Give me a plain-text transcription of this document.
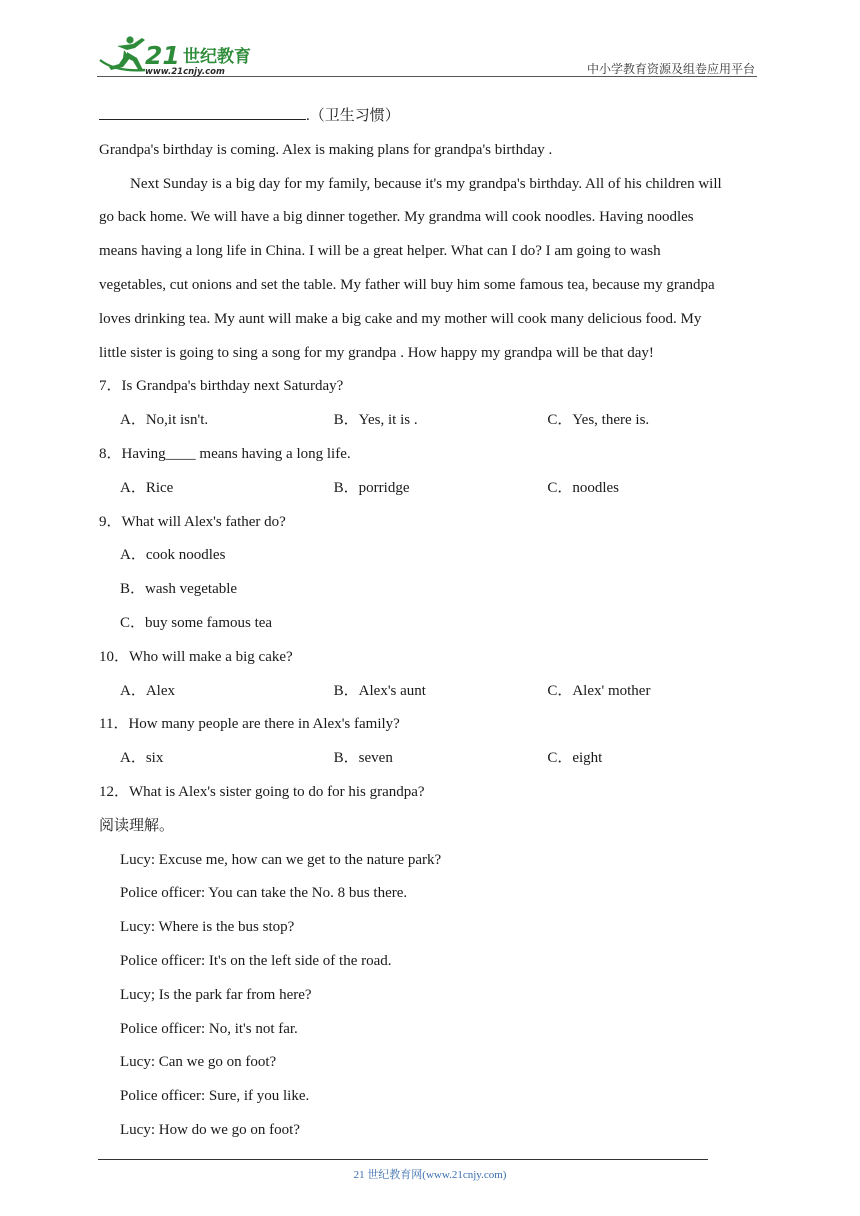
21 世纪教育
www.21cnjy.com	中小学教育资源及组卷应用平台
.（卫生习惯）
Grandpa's birthday is coming. Alex is making plans for grandpa's birthday .
Next Sunday is a big day for my family, because it's my grandpa's birthday. All of his children will
go back home. We will have a big dinner together. My grandma will cook noodles. Having noodles
means having a long life in China. I will be a great helper. What can I do? I am going to wash
vegetables, cut onions and set the table. My father will buy him some famous tea, because my grandpa
loves drinking tea. My aunt will make a big cake and my mother will cook many delicious food. My
little sister is going to sing a song for my grandpa . How happy my grandpa will be that day!
7．Is Grandpa's birthday next Saturday?
A．No,it isn't.	B．Yes, it is .	C．Yes, there is.
8．Having____ means having a long life.
A．Rice	B．porridge	C．noodles
9．What will Alex's father do?
A．cook noodles
B．wash vegetable
C．buy some famous tea
10．Who will make a big cake?
A．Alex	B．Alex's aunt	C．Alex' mother
11．How many people are there in Alex's family?
A．six	B．seven	C．eight
12．What is Alex's sister going to do for his grandpa?
阅读理解。
Lucy: Excuse me, how can we get to the nature park?
Police officer: You can take the No. 8 bus there.
Lucy: Where is the bus stop?
Police officer: It's on the left side of the road.
Lucy; Is the park far from here?
Police officer: No, it's not far.
Lucy: Can we go on foot?
Police officer: Sure, if you like.
Lucy: How do we go on foot?
21 世纪教育网(www.21cnjy.com)
